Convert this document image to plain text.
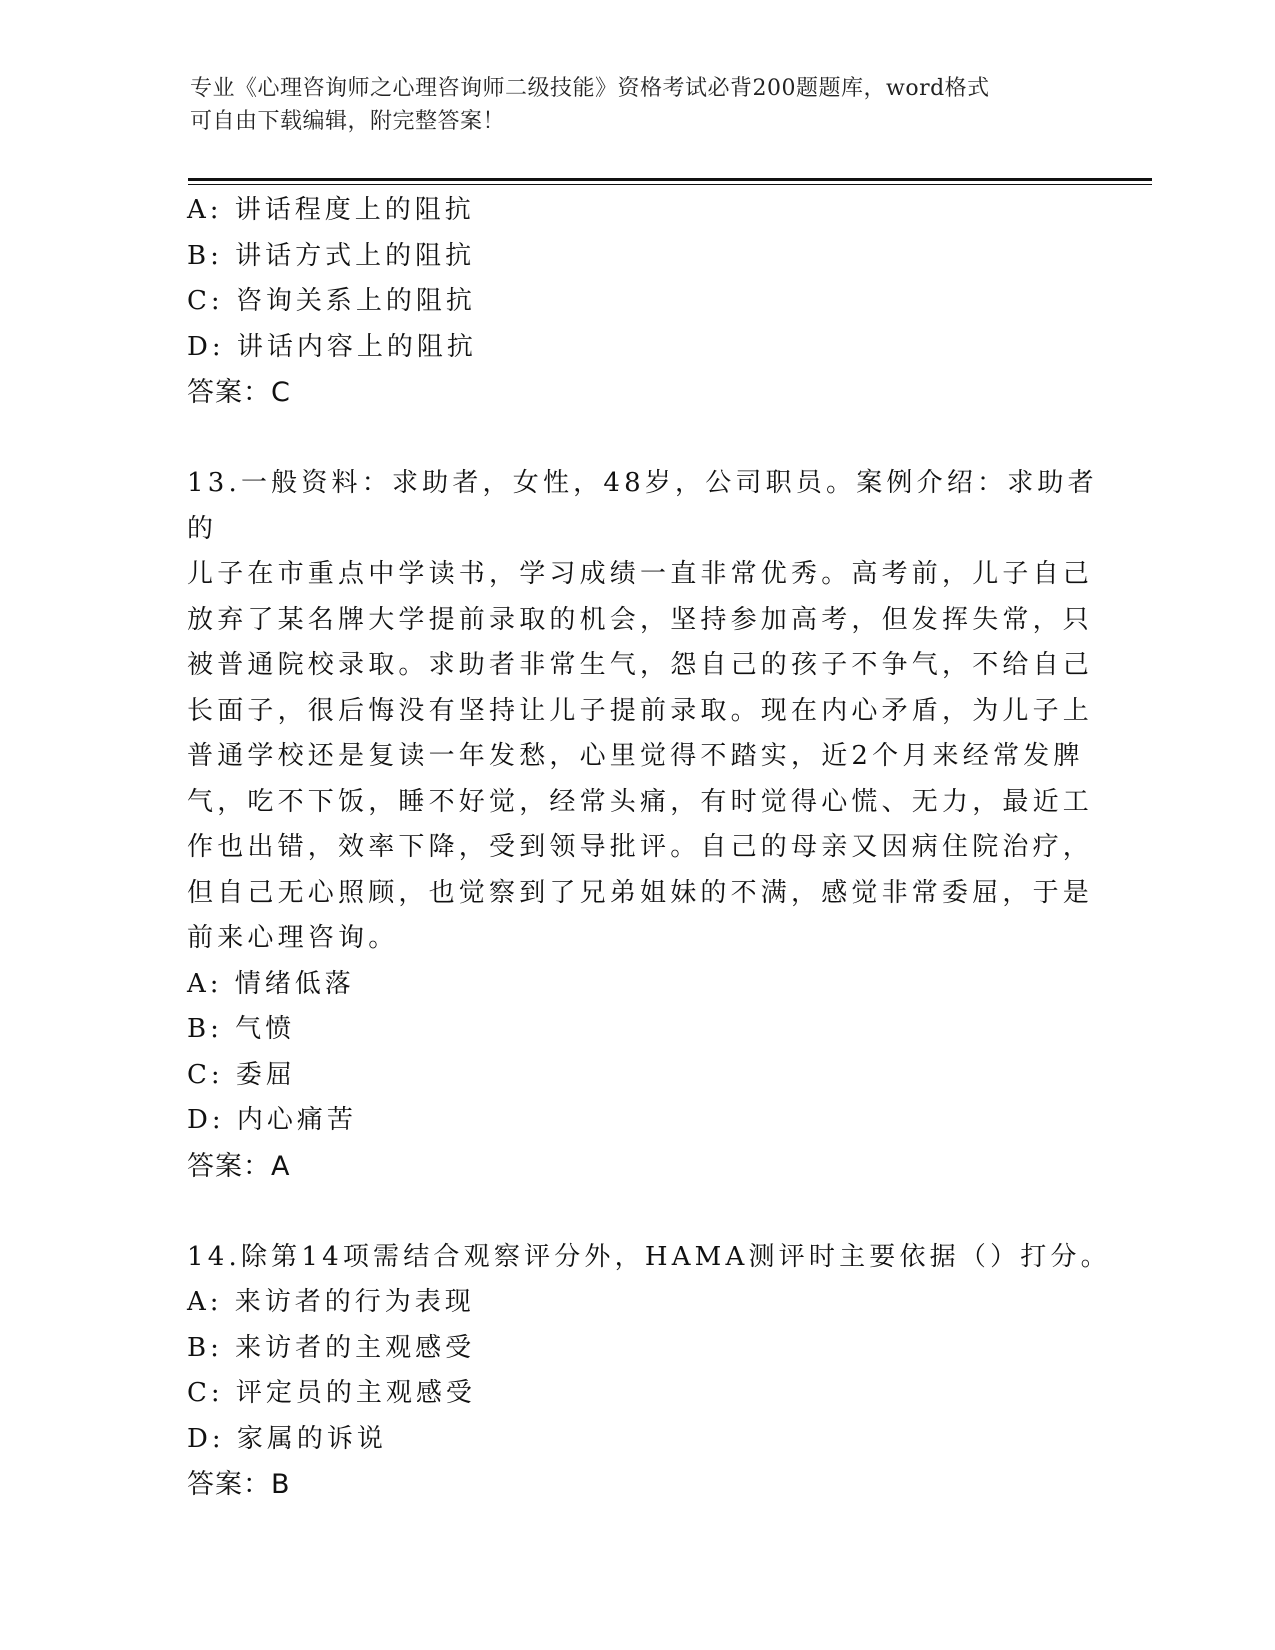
专业《心理咨询师之心理咨询师二级技能》资格考试必背200题题库，word格式
可自由下载编辑，附完整答案！
A: 讲话程度上的阻抗
B: 讲话方式上的阻抗
C: 咨询关系上的阻抗
D: 讲话内容上的阻抗
答案：C
13.一般资料：求助者，女性，48岁，公司职员。案例介绍：求助者的
儿子在市重点中学读书，学习成绩一直非常优秀。高考前，儿子自己
放弃了某名牌大学提前录取的机会，坚持参加高考，但发挥失常，只
被普通院校录取。求助者非常生气，怨自己的孩子不争气，不给自己
长面子，很后悔没有坚持让儿子提前录取。现在内心矛盾，为儿子上
普通学校还是复读一年发愁，心里觉得不踏实，近2个月来经常发脾
气，吃不下饭，睡不好觉，经常头痛，有时觉得心慌、无力，最近工
作也出错，效率下降，受到领导批评。自己的母亲又因病住院治疗，
但自己无心照顾，也觉察到了兄弟姐妹的不满，感觉非常委屈，于是
前来心理咨询。
A: 情绪低落
B: 气愤
C: 委屈
D: 内心痛苦
答案：A
14.除第14项需结合观察评分外，HAMA测评时主要依据（）打分。
A: 来访者的行为表现
B: 来访者的主观感受
C: 评定员的主观感受
D: 家属的诉说
答案：B
